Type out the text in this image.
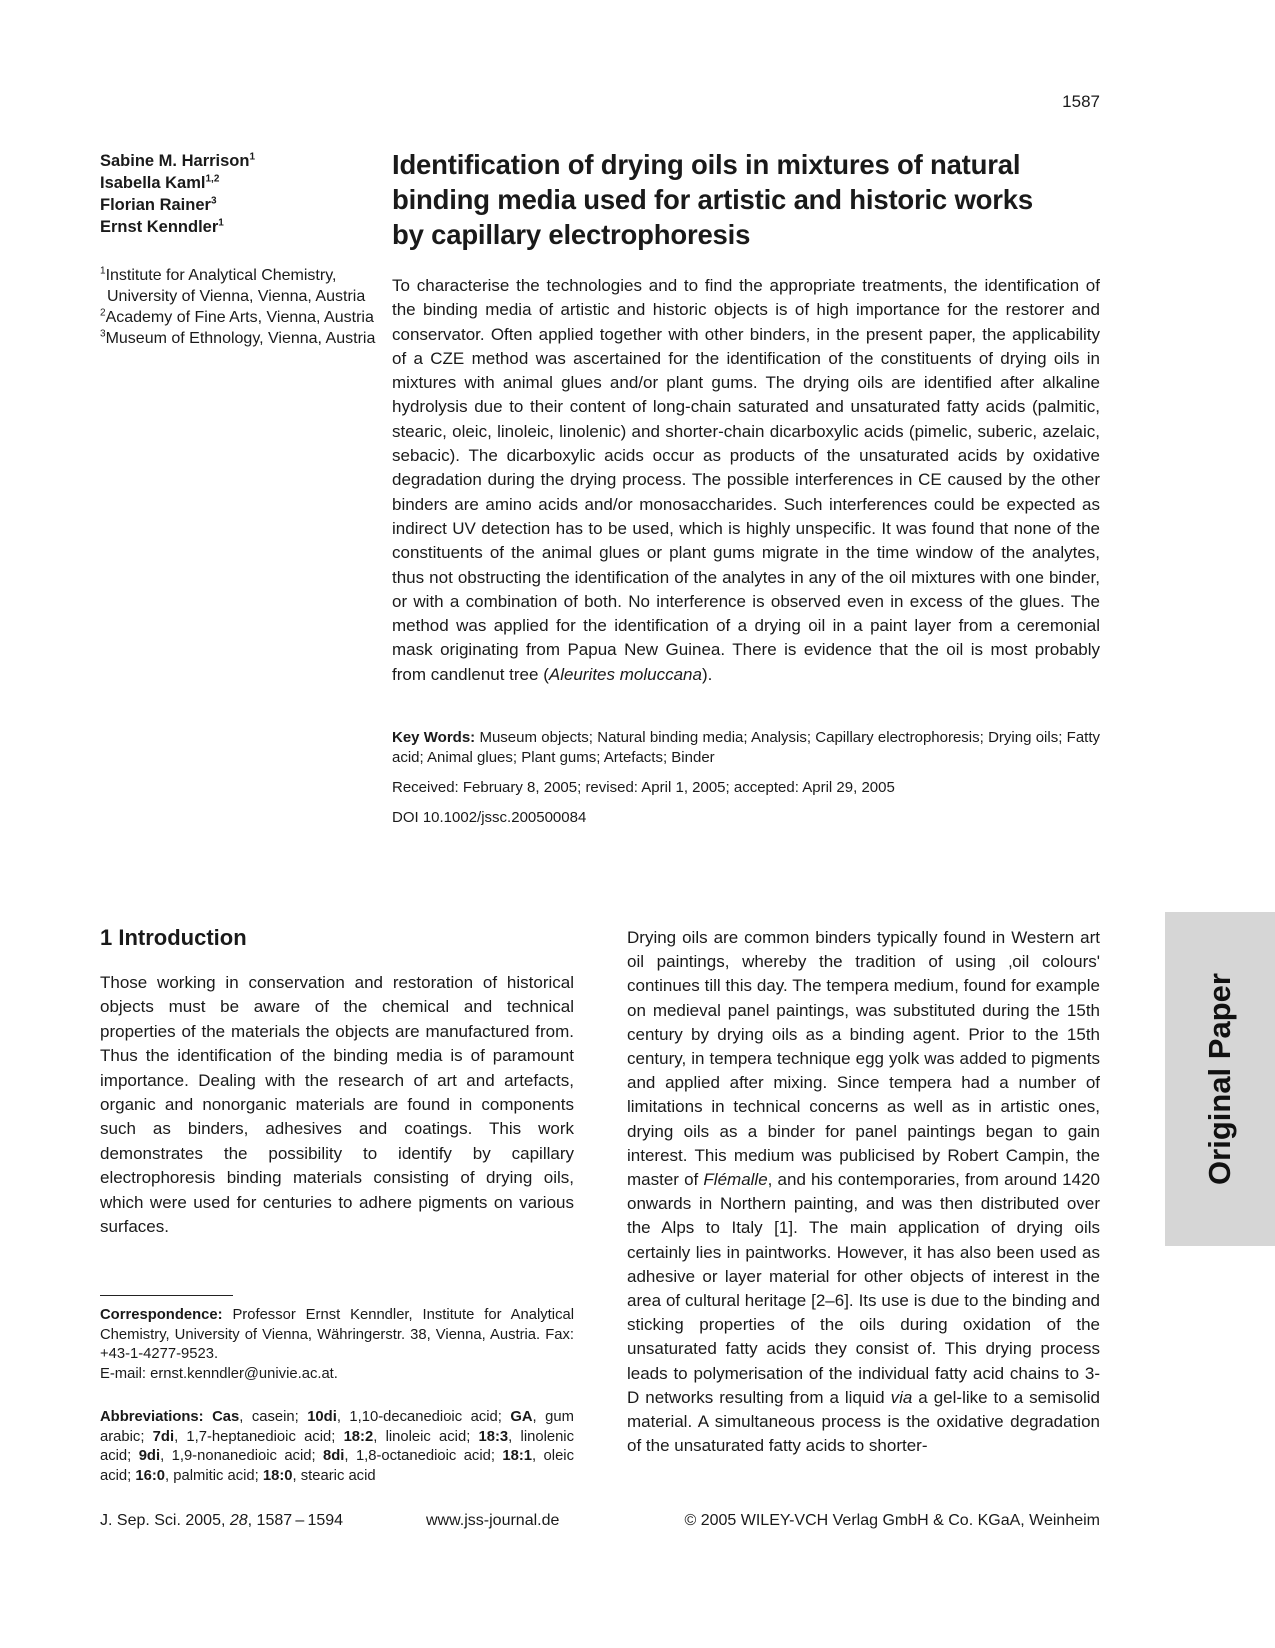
1587
Sabine M. Harrison$^1$
Isabella Kaml$^{1,2}$
Florian Rainer$^3$
Ernst Kenndler$^1$
$^1$Institute for Analytical Chemistry, University of Vienna, Vienna, Austria
$^2$Academy of Fine Arts, Vienna, Austria
$^3$Museum of Ethnology, Vienna, Austria
Identification of drying oils in mixtures of natural binding media used for artistic and historic works by capillary electrophoresis
To characterise the technologies and to find the appropriate treatments, the identification of the binding media of artistic and historic objects is of high importance for the restorer and conservator. Often applied together with other binders, in the present paper, the applicability of a CZE method was ascertained for the identification of the constituents of drying oils in mixtures with animal glues and/or plant gums. The drying oils are identified after alkaline hydrolysis due to their content of long-chain saturated and unsaturated fatty acids (palmitic, stearic, oleic, linoleic, linolenic) and shorter-chain dicarboxylic acids (pimelic, suberic, azelaic, sebacic). The dicarboxylic acids occur as products of the unsaturated acids by oxidative degradation during the drying process. The possible interferences in CE caused by the other binders are amino acids and/or monosaccharides. Such interferences could be expected as indirect UV detection has to be used, which is highly unspecific. It was found that none of the constituents of the animal glues or plant gums migrate in the time window of the analytes, thus not obstructing the identification of the analytes in any of the oil mixtures with one binder, or with a combination of both. No interference is observed even in excess of the glues. The method was applied for the identification of a drying oil in a paint layer from a ceremonial mask originating from Papua New Guinea. There is evidence that the oil is most probably from candlenut tree (Aleurites moluccana).
Key Words: Museum objects; Natural binding media; Analysis; Capillary electrophoresis; Drying oils; Fatty acid; Animal glues; Plant gums; Artefacts; Binder
Received: February 8, 2005; revised: April 1, 2005; accepted: April 29, 2005
DOI 10.1002/jssc.200500084
1 Introduction
Those working in conservation and restoration of historical objects must be aware of the chemical and technical properties of the materials the objects are manufactured from. Thus the identification of the binding media is of paramount importance. Dealing with the research of art and artefacts, organic and nonorganic materials are found in components such as binders, adhesives and coatings. This work demonstrates the possibility to identify by capillary electrophoresis binding materials consisting of drying oils, which were used for centuries to adhere pigments on various surfaces.
Drying oils are common binders typically found in Western art oil paintings, whereby the tradition of using ‚oil colours' continues till this day. The tempera medium, found for example on medieval panel paintings, was substituted during the 15th century by drying oils as a binding agent. Prior to the 15th century, in tempera technique egg yolk was added to pigments and applied after mixing. Since tempera had a number of limitations in technical concerns as well as in artistic ones, drying oils as a binder for panel paintings began to gain interest. This medium was publicised by Robert Campin, the master of Flémalle, and his contemporaries, from around 1420 onwards in Northern painting, and was then distributed over the Alps to Italy [1]. The main application of drying oils certainly lies in paintworks. However, it has also been used as adhesive or layer material for other objects of interest in the area of cultural heritage [2–6]. Its use is due to the binding and sticking properties of the oils during oxidation of the unsaturated fatty acids they consist of. This drying process leads to polymerisation of the individual fatty acid chains to 3-D networks resulting from a liquid via a gel-like to a semisolid material. A simultaneous process is the oxidative degradation of the unsaturated fatty acids to shorter-
Correspondence: Professor Ernst Kenndler, Institute for Analytical Chemistry, University of Vienna, Währingerstr. 38, Vienna, Austria. Fax: +43-1-4277-9523.
E-mail: ernst.kenndler@univie.ac.at.
Abbreviations: Cas, casein; 10di, 1,10-decanedioic acid; GA, gum arabic; 7di, 1,7-heptanedioic acid; 18:2, linoleic acid; 18:3, linolenic acid; 9di, 1,9-nonanedioic acid; 8di, 1,8-octanedioic acid; 18:1, oleic acid; 16:0, palmitic acid; 18:0, stearic acid
J. Sep. Sci. 2005, 28, 1587 – 1594	www.jss-journal.de	© 2005 WILEY-VCH Verlag GmbH & Co. KGaA, Weinheim
Original Paper
